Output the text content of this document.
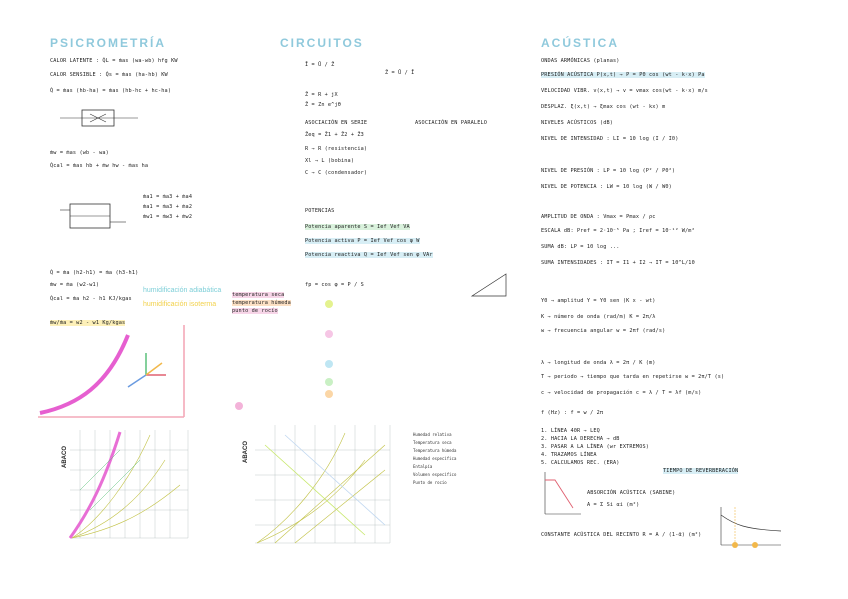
PSICROMETRÍA
CALOR LATENTE : Q̇L = ṁas (wa-wb) hfg KW
CALOR SENSIBLE : Q̇s = ṁas (ha-hb) KW
Q̇ = ṁas (hb-ha) = ṁas (hb-hc + hc-ha)
ṁw = ṁas (wb - wa)
Q̇cal = ṁas hb + ṁw hw - ṁas ha
ṁa1 = ṁa3 + ṁa4
ṁa1 = ṁa3 + ṁa2
ṁw1 = ṁw3 + ṁw2
Q̇ = ṁa (h2-h1) = ṁa (h3-h1)
ṁw = ṁa (w2-w1)
Q̇cal = ṁa h2 - h1 KJ/kgas
ṁw/ṁa = w2 - w1 Kg/kgas
humidificación adiabática
humidificación isoterma
ABACO
CIRCUITOS
Ī = Ū / Z̄
Z̄ = Ū / Ī
Z̄ = R + jX
Z̄ = Zn e^jθ
ASOCIACIÓN EN SERIE	ASOCIACIÓN EN PARALELO
Z̄eq = Z̄1 + Z̄2 + Z̄3
R → R (resistencia)
Xl → L (bobina)
C → C (condensador)
POTENCIAS
Potencia aparente S = Ief Vef VA
Potencia activa P = Ief Vef cos φ W
Potencia reactiva Q = Ief Vef sen φ VAr
fp = cos φ = P / S
temperatura seca
temperatura húmeda
punto de rocío
ABACO
Humedad relativa
Temperatura seca
Temperatura húmeda
Humedad específica
Entalpía
Volumen específico
Punto de rocío
ACÚSTICA
ONDAS ARMÓNICAS (planas)
PRESIÓN ACÚSTICA P(x,t) → P = P0 cos (wt - k·x) Pa
VELOCIDAD VIBR. v(x,t) → v = vmax cos(wt - k·x) m/s
DESPLAZ. ξ(x,t) → ξmax cos (wt - kx) m
NIVELES ACÚSTICOS (dB)
NIVEL DE INTENSIDAD : LI = 10 log (I / I0)
NIVEL DE PRESIÓN : LP = 10 log (P² / P0²)
NIVEL DE POTENCIA : LW = 10 log (W / W0)
AMPLITUD DE ONDA : Vmax = Pmax / ρc
ESCALA dB: Pref = 2·10⁻⁵ Pa ; Iref = 10⁻¹² W/m²
SUMA dB: LP = 10 log ...
SUMA INTENSIDADES : IT = I1 + I2 → IT = 10^L/10
Y0 → amplitud Y = Y0 sen (K x - wt)
K → número de onda (rad/m) K = 2π/λ
w → frecuencia angular w = 2πf (rad/s)
λ → longitud de onda λ = 2π / K (m)
T → periodo → tiempo que tarda en repetirse w = 2π/T (s)
c → velocidad de propagación c = λ / T = λf (m/s)
f (Hz) : f = w / 2π
1. LÍNEA 40R → LEQ
2. HACIA LA DERECHA → dB
3. PASAR A LA LÍNEA (wr EXTREMOS)
4. TRAZAMOS LÍNEA
5. CALCULAMOS REC. (ERA)
TIEMPO DE REVERBERACIÓN
ABSORCIÓN ACÚSTICA (SABINE)
A = Σ Si αi (m²)
CONSTANTE ACÚSTICA DEL RECINTO R = A / (1-ᾱ) (m²)
